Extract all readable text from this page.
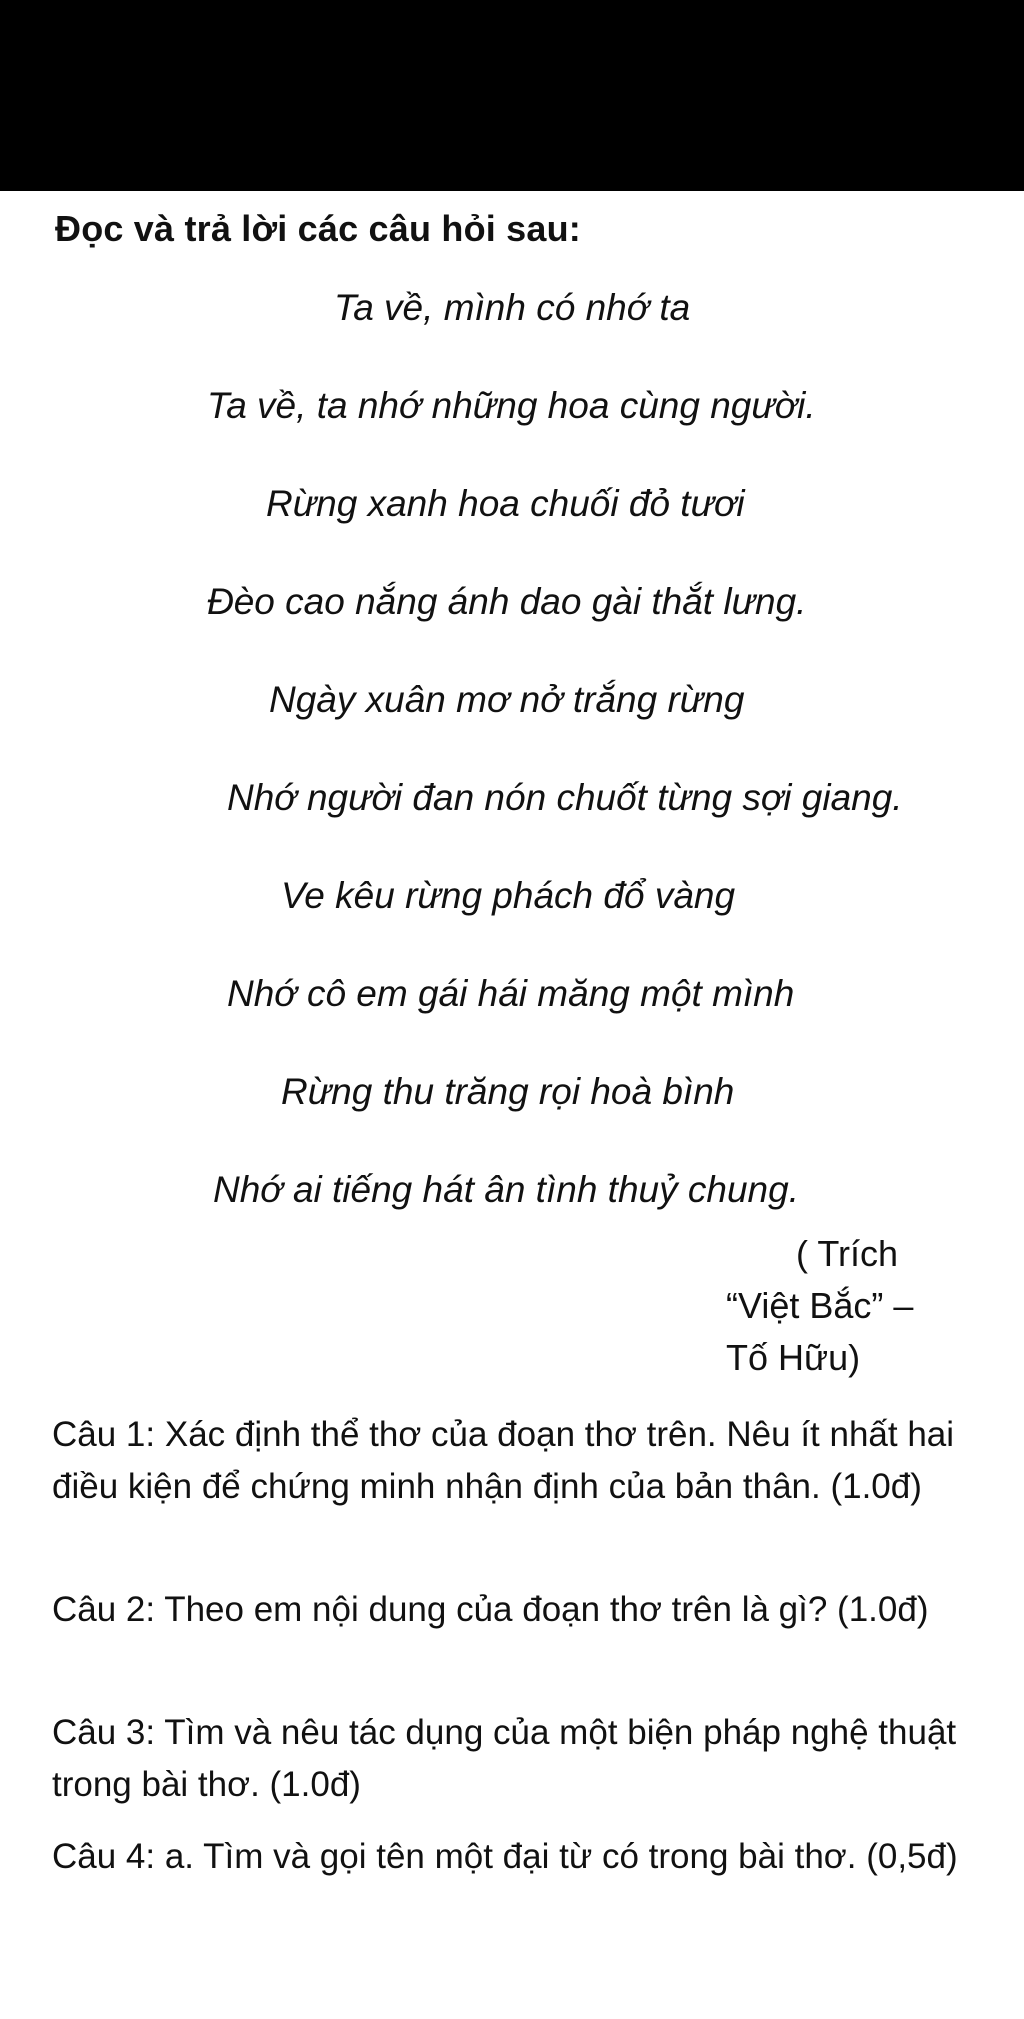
Đọc và trả lời các câu hỏi sau:
Ta về, mình có nhớ ta
Ta về, ta nhớ những hoa cùng người.
Rừng xanh hoa chuối đỏ tươi
Đèo cao nắng ánh dao gài thắt lưng.
Ngày xuân mơ nở trắng rừng
Nhớ người đan nón chuốt từng sợi giang.
Ve kêu rừng phách đổ vàng
Nhớ cô em gái hái măng một mình
Rừng thu trăng rọi hoà bình
Nhớ ai tiếng hát ân tình thuỷ chung.
( Trích
“Việt Bắc” –
Tố Hữu)
Câu 1: Xác định thể thơ của đoạn thơ trên. Nêu ít nhất hai điều kiện để chứng minh nhận định của bản thân. (1.0đ)
Câu 2: Theo em nội dung của đoạn thơ trên là gì? (1.0đ)
Câu 3: Tìm và nêu tác dụng của một biện pháp nghệ thuật trong bài thơ. (1.0đ)
Câu 4: a. Tìm và gọi tên một đại từ có trong bài thơ. (0,5đ)
